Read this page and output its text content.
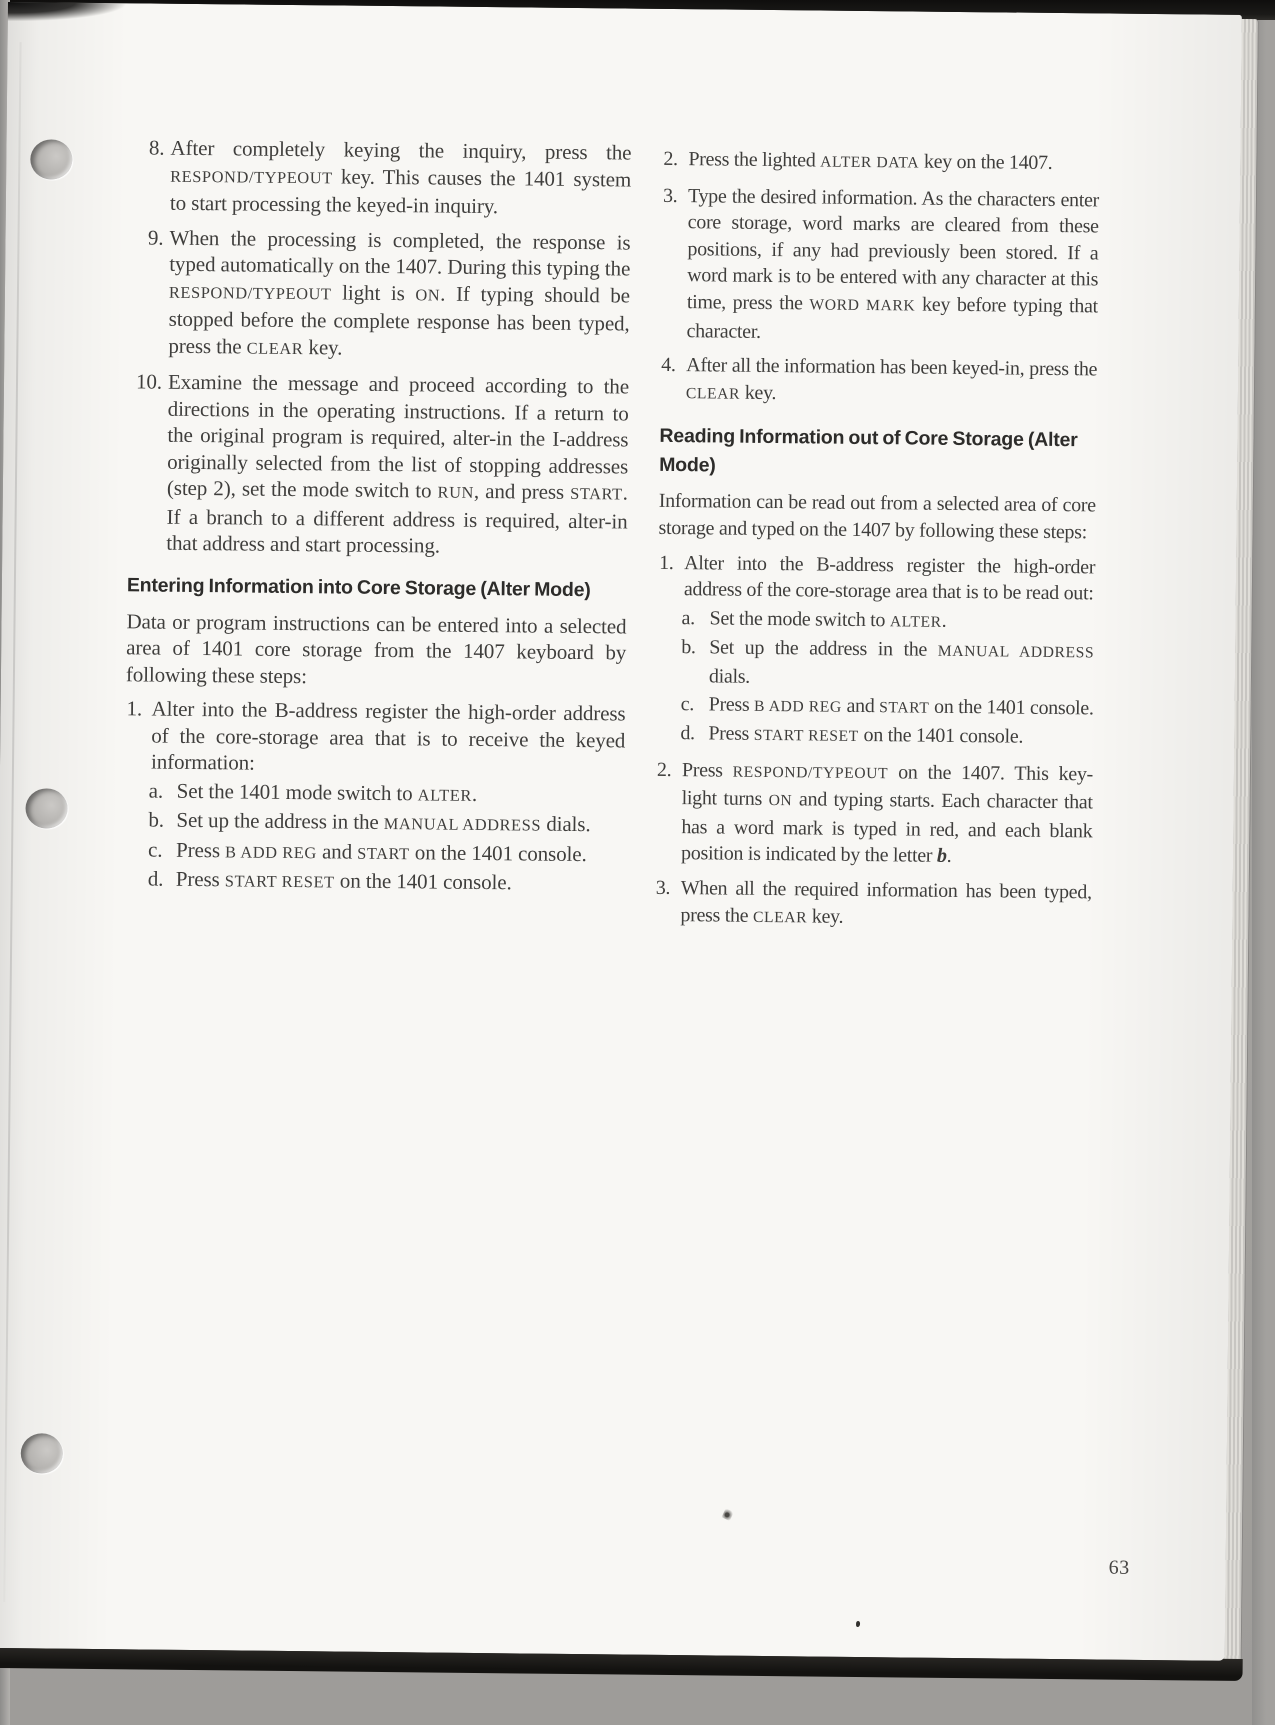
8. After completely keying the inquiry, press the RESPOND/TYPEOUT key. This causes the 1401 system to start processing the keyed-in inquiry.
9. When the processing is completed, the response is typed automatically on the 1407. During this typing the RESPOND/TYPEOUT light is ON. If typing should be stopped before the complete response has been typed, press the CLEAR key.
10. Examine the message and proceed according to the directions in the operating instructions. If a return to the original program is required, alter-in the I-address originally selected from the list of stopping addresses (step 2), set the mode switch to RUN, and press START. If a branch to a different address is required, alter-in that address and start processing.
Entering Information into Core Storage (Alter Mode)
Data or program instructions can be entered into a selected area of 1401 core storage from the 1407 keyboard by following these steps:
1. Alter into the B-address register the high-order address of the core-storage area that is to receive the keyed information:
a. Set the 1401 mode switch to ALTER.
b. Set up the address in the MANUAL ADDRESS dials.
c. Press B ADD REG and START on the 1401 console.
d. Press START RESET on the 1401 console.
2. Press the lighted ALTER DATA key on the 1407.
3. Type the desired information. As the characters enter core storage, word marks are cleared from these positions, if any had previously been stored. If a word mark is to be entered with any character at this time, press the WORD MARK key before typing that character.
4. After all the information has been keyed-in, press the CLEAR key.
Reading Information out of Core Storage (Alter Mode)
Information can be read out from a selected area of core storage and typed on the 1407 by following these steps:
1. Alter into the B-address register the high-order address of the core-storage area that is to be read out:
a. Set the mode switch to ALTER.
b. Set up the address in the MANUAL ADDRESS dials.
c. Press B ADD REG and START on the 1401 console.
d. Press START RESET on the 1401 console.
2. Press RESPOND/TYPEOUT on the 1407. This key-light turns ON and typing starts. Each character that has a word mark is typed in red, and each blank position is indicated by the letter b.
3. When all the required information has been typed, press the CLEAR key.
63
